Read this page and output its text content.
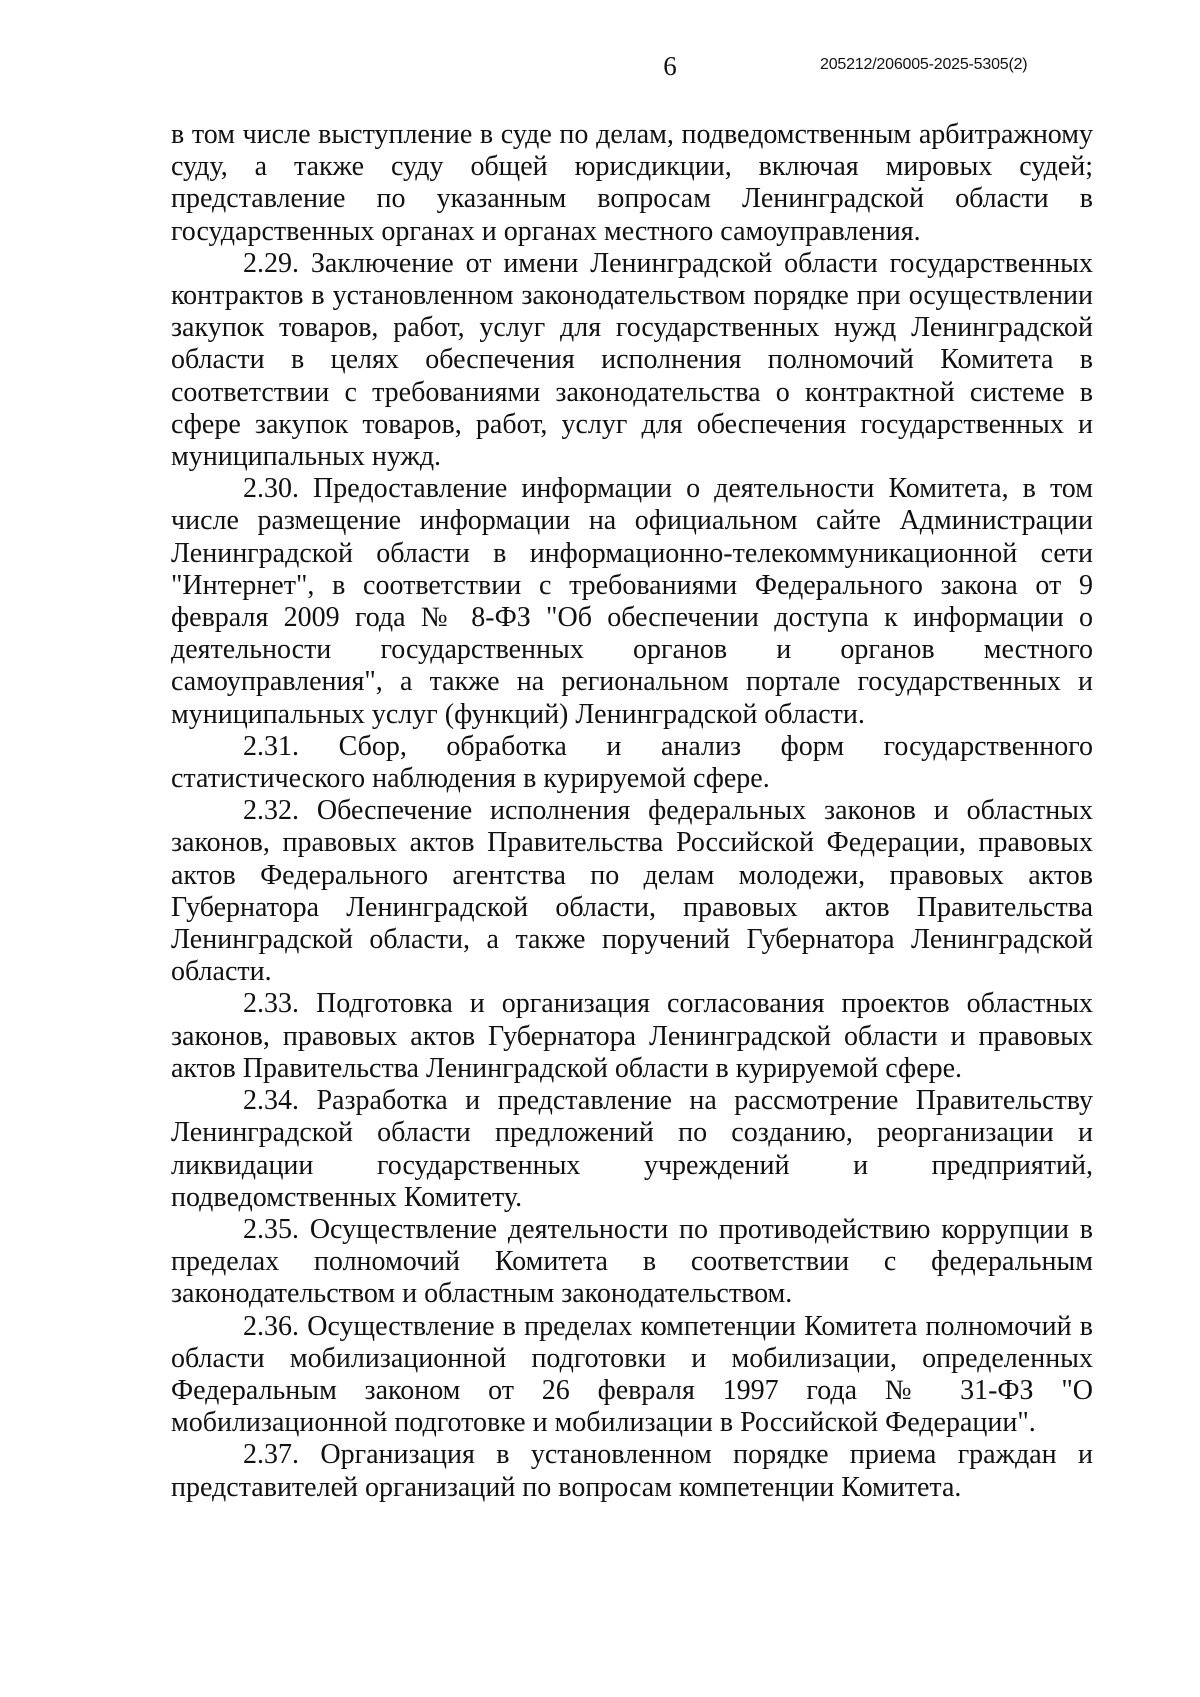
6	205212/206005-2025-5305(2)

в том числе выступление в суде по делам, подведомственным арбитражному суду, а также суду общей юрисдикции, включая мировых судей; представление по указанным вопросам Ленинградской области в государственных органах и органах местного самоуправления.

2.29. Заключение от имени Ленинградской области государственных контрактов в установленном законодательством порядке при осуществлении закупок товаров, работ, услуг для государственных нужд Ленинградской области в целях обеспечения исполнения полномочий Комитета в соответствии с требованиями законодательства о контрактной системе в сфере закупок товаров, работ, услуг для обеспечения государственных и муниципальных нужд.

2.30. Предоставление информации о деятельности Комитета, в том числе размещение информации на официальном сайте Администрации Ленинградской области в информационно-телекоммуникационной сети "Интернет", в соответствии с требованиями Федерального закона от 9 февраля 2009 года № 8-ФЗ "Об обеспечении доступа к информации о деятельности государственных органов и органов местного самоуправления", а также на региональном портале государственных и муниципальных услуг (функций) Ленинградской области.

2.31. Сбор, обработка и анализ форм государственного статистического наблюдения в курируемой сфере.

2.32. Обеспечение исполнения федеральных законов и областных законов, правовых актов Правительства Российской Федерации, правовых актов Федерального агентства по делам молодежи, правовых актов Губернатора Ленинградской области, правовых актов Правительства Ленинградской области, а также поручений Губернатора Ленинградской области.

2.33. Подготовка и организация согласования проектов областных законов, правовых актов Губернатора Ленинградской области и правовых актов Правительства Ленинградской области в курируемой сфере.

2.34. Разработка и представление на рассмотрение Правительству Ленинградской области предложений по созданию, реорганизации и ликвидации государственных учреждений и предприятий, подведомственных Комитету.

2.35. Осуществление деятельности по противодействию коррупции в пределах полномочий Комитета в соответствии с федеральным законодательством и областным законодательством.

2.36. Осуществление в пределах компетенции Комитета полномочий в области мобилизационной подготовки и мобилизации, определенных Федеральным законом от 26 февраля 1997 года № 31-ФЗ "О мобилизационной подготовке и мобилизации в Российской Федерации".

2.37. Организация в установленном порядке приема граждан и представителей организаций по вопросам компетенции Комитета.
